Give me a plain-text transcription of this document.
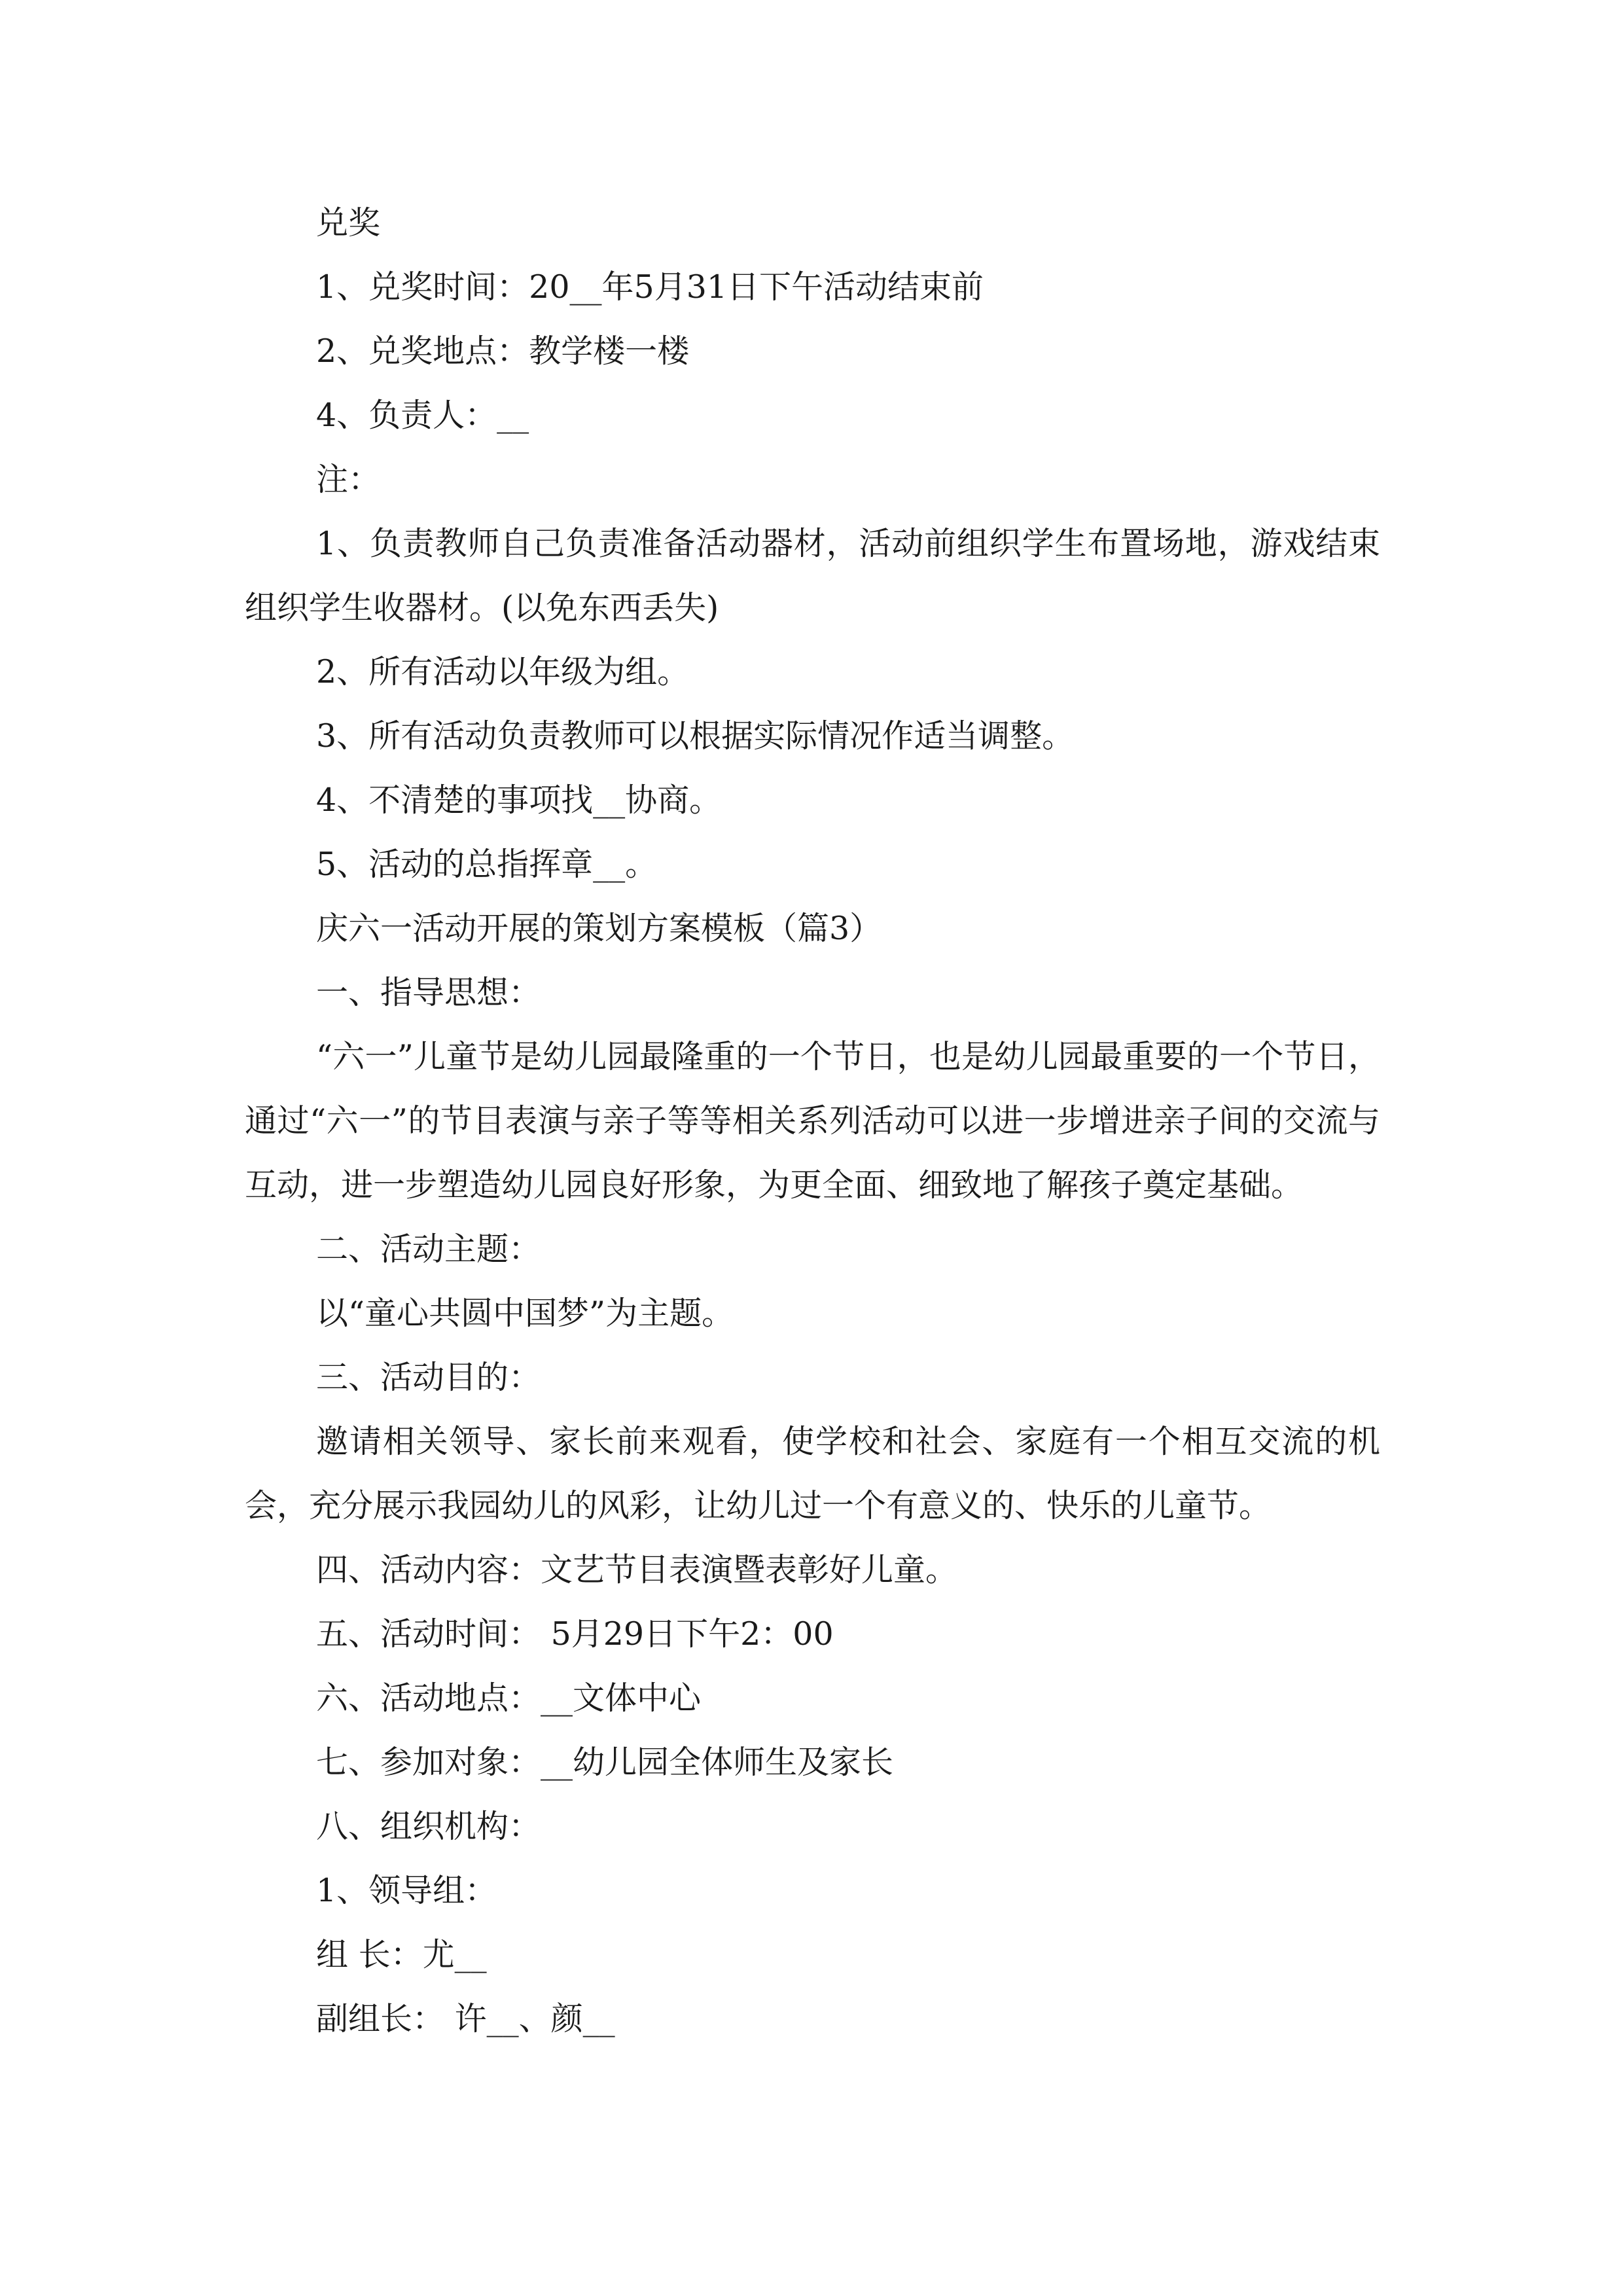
兑奖

1、兑奖时间：20__年5月31日下午活动结束前

2、兑奖地点：教学楼一楼

4、负责人：__

注：

1、负责教师自己负责准备活动器材，活动前组织学生布置场地，游戏结束组织学生收器材。(以免东西丢失)

2、所有活动以年级为组。

3、所有活动负责教师可以根据实际情况作适当调整。

4、不清楚的事项找__协商。

5、活动的总指挥章__。

庆六一活动开展的策划方案模板（篇3）

一、指导思想：

“六一”儿童节是幼儿园最隆重的一个节日，也是幼儿园最重要的一个节日，通过“六一”的节目表演与亲子等等相关系列活动可以进一步增进亲子间的交流与互动，进一步塑造幼儿园良好形象，为更全面、细致地了解孩子奠定基础。

二、活动主题：

以“童心共圆中国梦”为主题。

三、活动目的：

邀请相关领导、家长前来观看，使学校和社会、家庭有一个相互交流的机会，充分展示我园幼儿的风彩，让幼儿过一个有意义的、快乐的儿童节。

四、活动内容：文艺节目表演暨表彰好儿童。

五、活动时间： 5月29日下午2：00

六、活动地点：__文体中心

七、参加对象：__幼儿园全体师生及家长

八、组织机构：

1、领导组：

组 长：尤__

副组长： 许__、颜__
